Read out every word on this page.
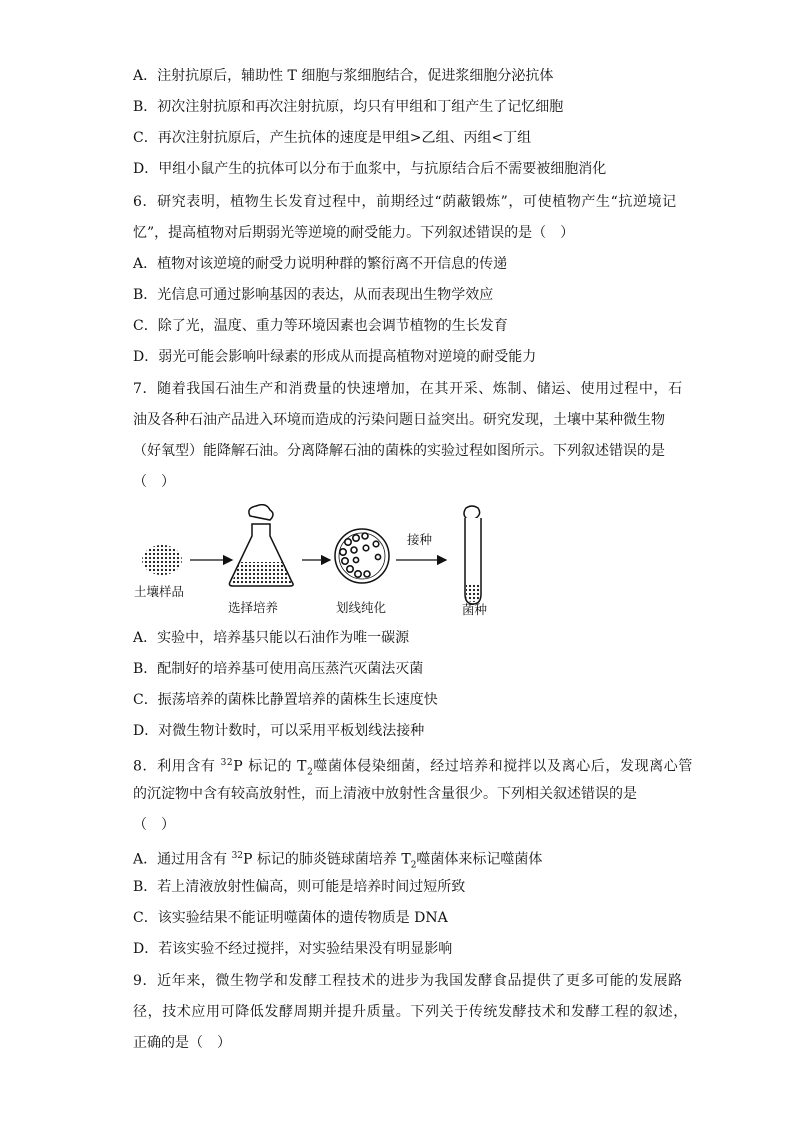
A．注射抗原后，辅助性 T 细胞与浆细胞结合，促进浆细胞分泌抗体
B．初次注射抗原和再次注射抗原，均只有甲组和丁组产生了记忆细胞
C．再次注射抗原后，产生抗体的速度是甲组>乙组、丙组<丁组
D．甲组小鼠产生的抗体可以分布于血浆中，与抗原结合后不需要被细胞消化
6．研究表明，植物生长发育过程中，前期经过“荫蔽锻炼”，可使植物产生“抗逆境记
忆”，提高植物对后期弱光等逆境的耐受能力。下列叙述错误的是（　）
A．植物对该逆境的耐受力说明种群的繁衍离不开信息的传递
B．光信息可通过影响基因的表达，从而表现出生物学效应
C．除了光，温度、重力等环境因素也会调节植物的生长发育
D．弱光可能会影响叶绿素的形成从而提高植物对逆境的耐受能力
7．随着我国石油生产和消费量的快速增加，在其开采、炼制、储运、使用过程中，石
油及各种石油产品进入环境而造成的污染问题日益突出。研究发现，土壤中某种微生物
（好氧型）能降解石油。分离降解石油的菌株的实验过程如图所示。下列叙述错误的是
（　）
土壤样品
选择培养	划线纯化
接种
菌种
A．实验中，培养基只能以石油作为唯一碳源
B．配制好的培养基可使用高压蒸汽灭菌法灭菌
C．振荡培养的菌株比静置培养的菌株生长速度快
D．对微生物计数时，可以采用平板划线法接种
8．利用含有 $^{32}$P 标记的 $T_2$噬菌体侵染细菌，经过培养和搅拌以及离心后，发现离心管
的沉淀物中含有较高放射性，而上清液中放射性含量很少。下列相关叙述错误的是
（　）
A．通过用含有 $^{32}$P 标记的肺炎链球菌培养 $T_2$噬菌体来标记噬菌体
B．若上清液放射性偏高，则可能是培养时间过短所致
C．该实验结果不能证明噬菌体的遗传物质是 DNA
D．若该实验不经过搅拌，对实验结果没有明显影响
9．近年来，微生物学和发酵工程技术的进步为我国发酵食品提供了更多可能的发展路
径，技术应用可降低发酵周期并提升质量。下列关于传统发酵技术和发酵工程的叙述，
正确的是（　）
